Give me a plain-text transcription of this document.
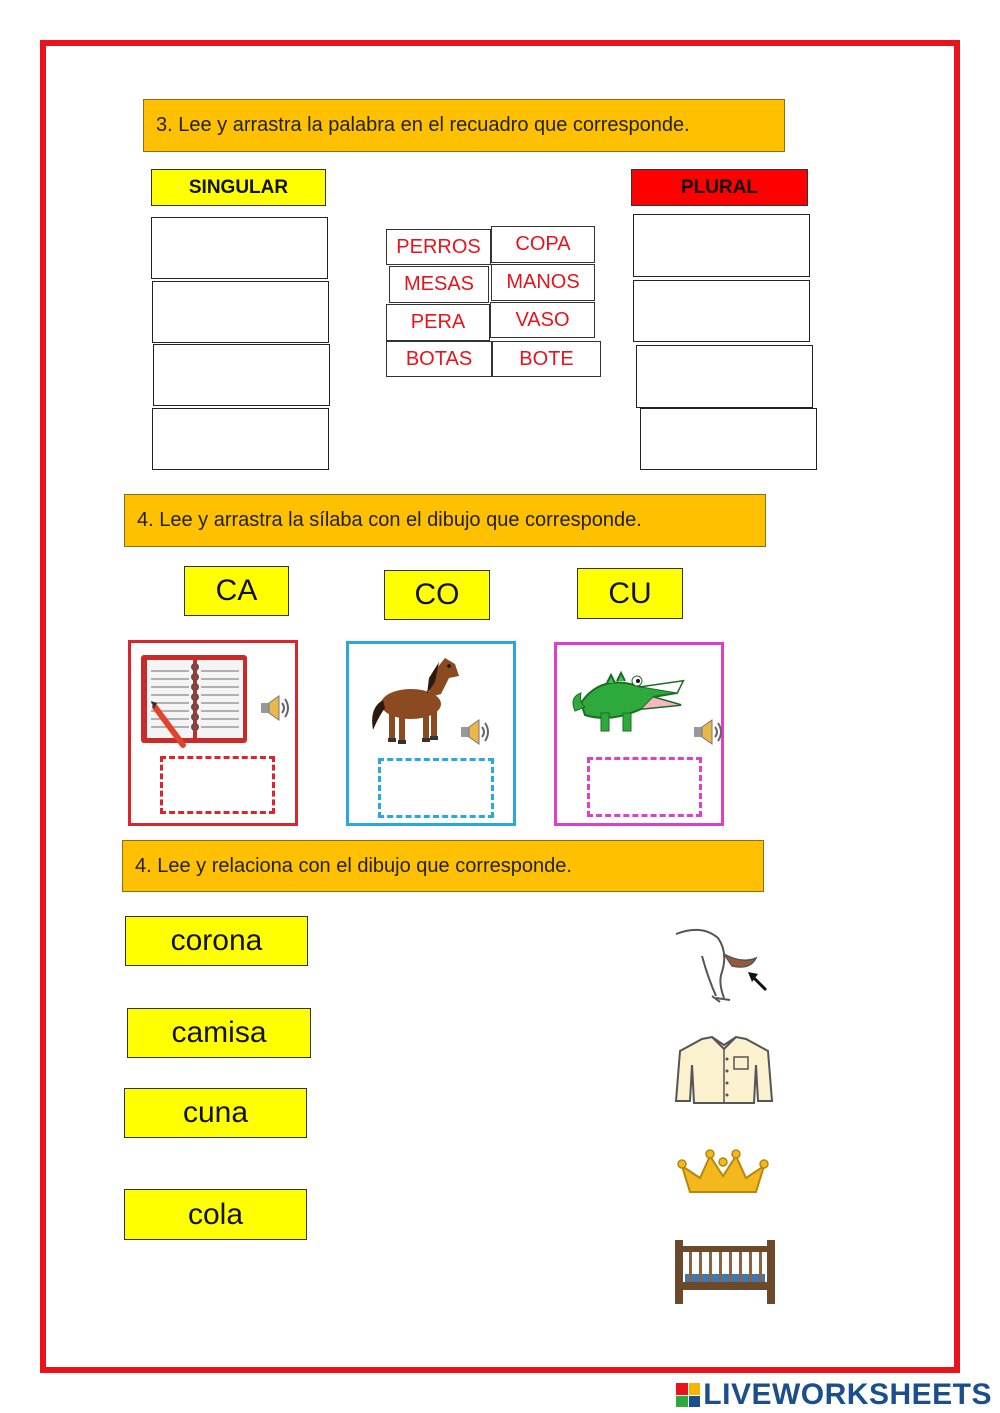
3. Lee y arrastra la palabra en el recuadro que corresponde.
SINGULAR	PLURAL
PERROS	COPA
MESAS	MANOS
PERA	VASO
BOTAS	BOTE
4. Lee y arrastra la sílaba con el dibujo que corresponde.
CA	CO	CU
4. Lee y relaciona con el dibujo que corresponde.
corona
camisa
cuna
cola
LIVEWORKSHEETS
